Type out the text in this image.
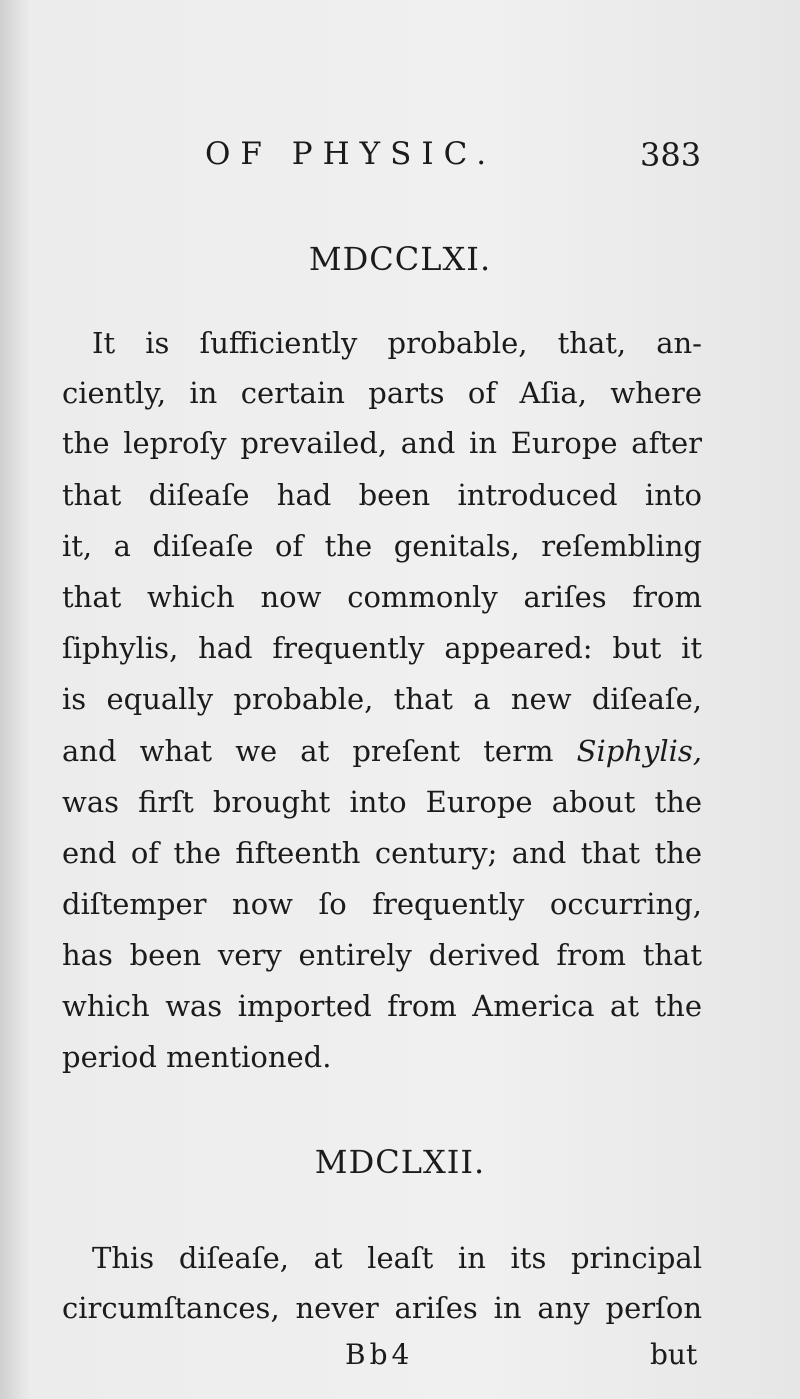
OF PHYSIC.	383
MDCCLXI.
It is ſufficiently probable, that, an-
ciently, in certain parts of Aſia, where
the leproſy prevailed, and in Europe after
that diſeaſe had been introduced into
it, a diſeaſe of the genitals, reſembling
that which now commonly ariſes from
ſiphylis, had frequently appeared: but it
is equally probable, that a new diſeaſe,
and what we at preſent term Siphylis,
was firſt brought into Europe about the
end of the fifteenth century; and that the
diſtemper now ſo frequently occurring,
has been very entirely derived from that
which was imported from America at the
period mentioned.
MDCLXII.
This diſeaſe, at leaſt in its principal
circumſtances, never ariſes in any perſon
Bb4	but
